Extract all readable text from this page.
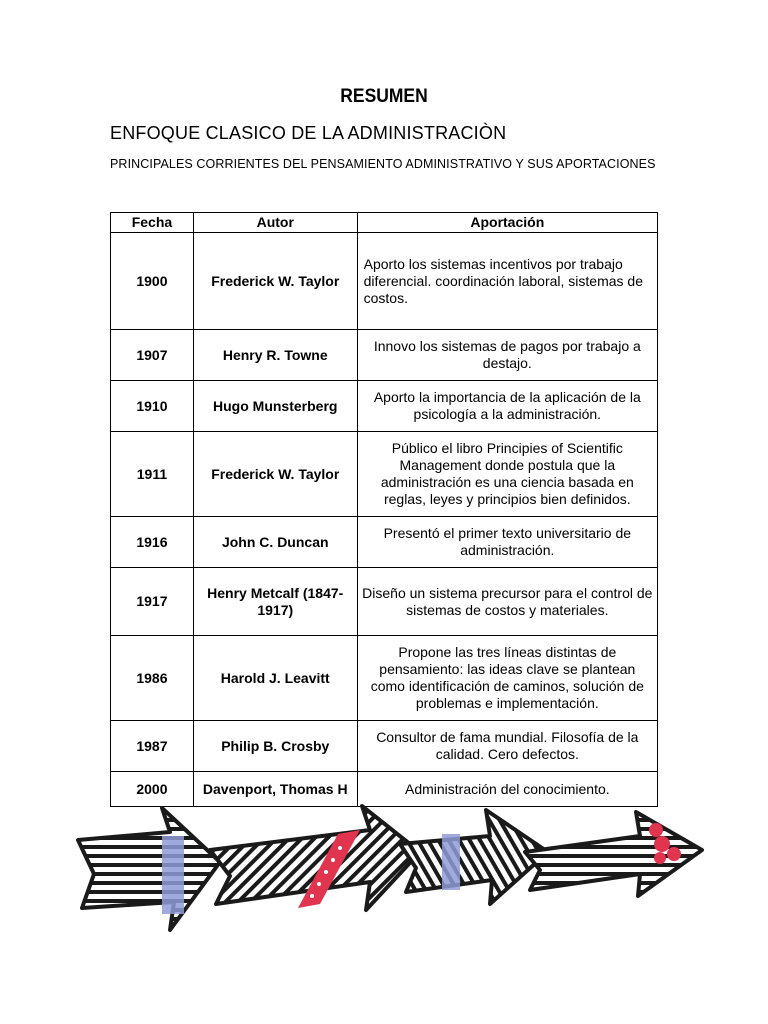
RESUMEN
ENFOQUE CLASICO DE LA ADMINISTRACIÒN
PRINCIPALES CORRIENTES DEL PENSAMIENTO ADMINISTRATIVO Y SUS APORTACIONES
Fecha	Autor	Aportación
1900	Frederick W. Taylor	Aporto los sistemas incentivos por trabajo diferencial. coordinación laboral, sistemas de costos.
1907	Henry R. Towne	Innovo los sistemas de pagos por trabajo a destajo.
1910	Hugo Munsterberg	Aporto la importancia de la aplicación de la psicología a la administración.
1911	Frederick W. Taylor	Público el libro Principies of Scientific Management donde postula que la administración es una ciencia basada en reglas, leyes y principios bien definidos.
1916	John C. Duncan	Presentó el primer texto universitario de administración.
1917	Henry Metcalf (1847-1917)	Diseño un sistema precursor para el control de sistemas de costos y materiales.
1986	Harold J. Leavitt	Propone las tres líneas distintas de pensamiento: las ideas clave se plantean como identificación de caminos, solución de problemas e implementación.
1987	Philip B. Crosby	Consultor de fama mundial. Filosofía de la calidad. Cero defectos.
2000	Davenport, Thomas H	Administración del conocimiento.
